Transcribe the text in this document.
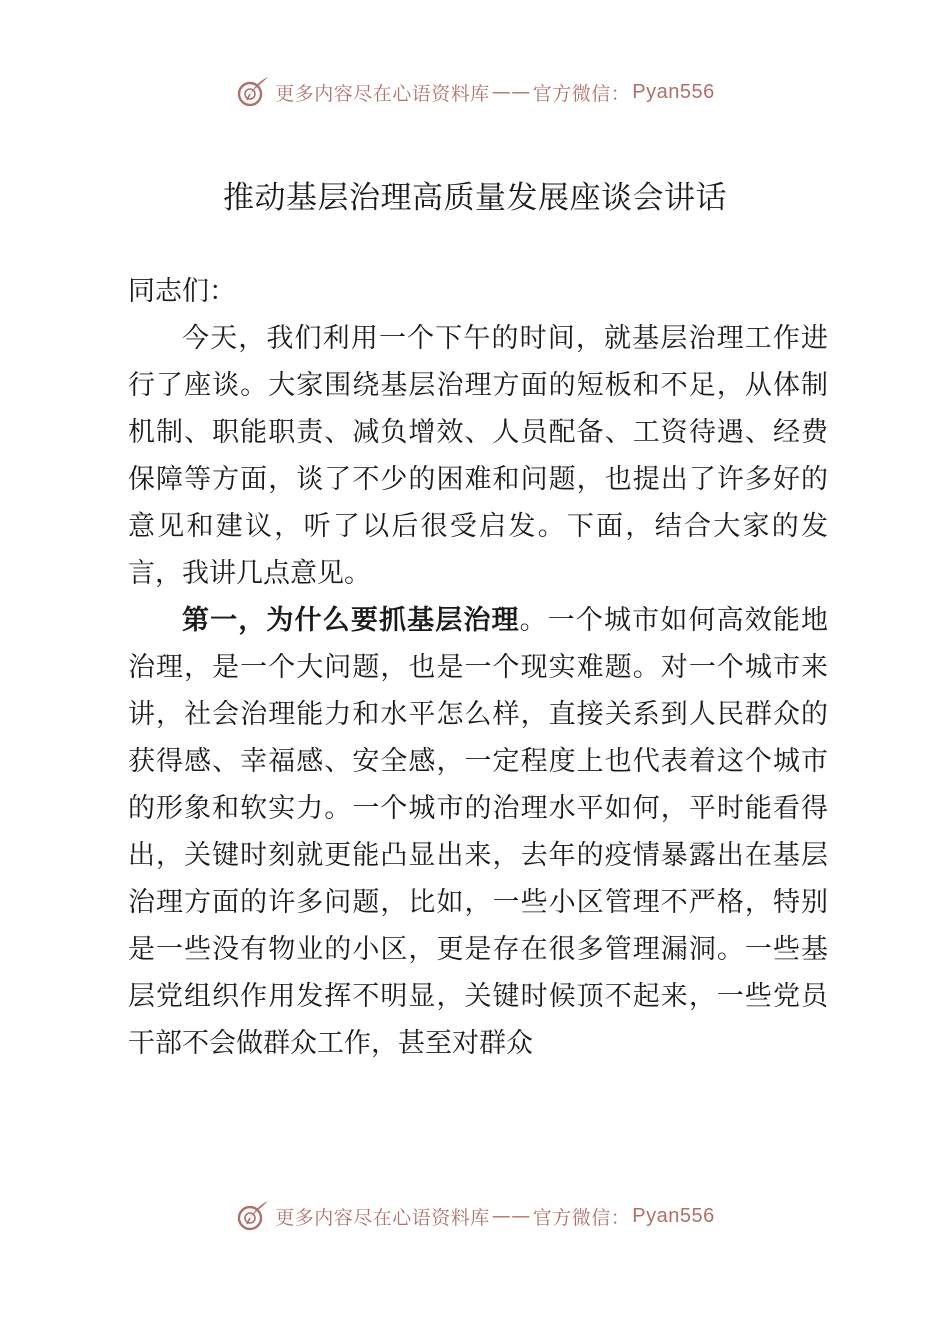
更多内容尽在心语资料库 —— 官方微信： Pyan556
推动基层治理高质量发展座谈会讲话

同志们：

今天，我们利用一个下午的时间，就基层治理工作进行了座谈。大家围绕基层治理方面的短板和不足，从体制机制、职能职责、减负增效、人员配备、工资待遇、经费保障等方面，谈了不少的困难和问题，也提出了许多好的意见和建议，听了以后很受启发。下面，结合大家的发言，我讲几点意见。

第一，为什么要抓基层治理。一个城市如何高效能地治理，是一个大问题，也是一个现实难题。对一个城市来讲，社会治理能力和水平怎么样，直接关系到人民群众的获得感、幸福感、安全感，一定程度上也代表着这个城市的形象和软实力。一个城市的治理水平如何，平时能看得出，关键时刻就更能凸显出来，去年的疫情暴露出在基层治理方面的许多问题，比如，一些小区管理不严格，特别是一些没有物业的小区，更是存在很多管理漏洞。一些基层党组织作用发挥不明显，关键时候顶不起来，一些党员干部不会做群众工作，甚至对群众

更多内容尽在心语资料库 —— 官方微信： Pyan556
